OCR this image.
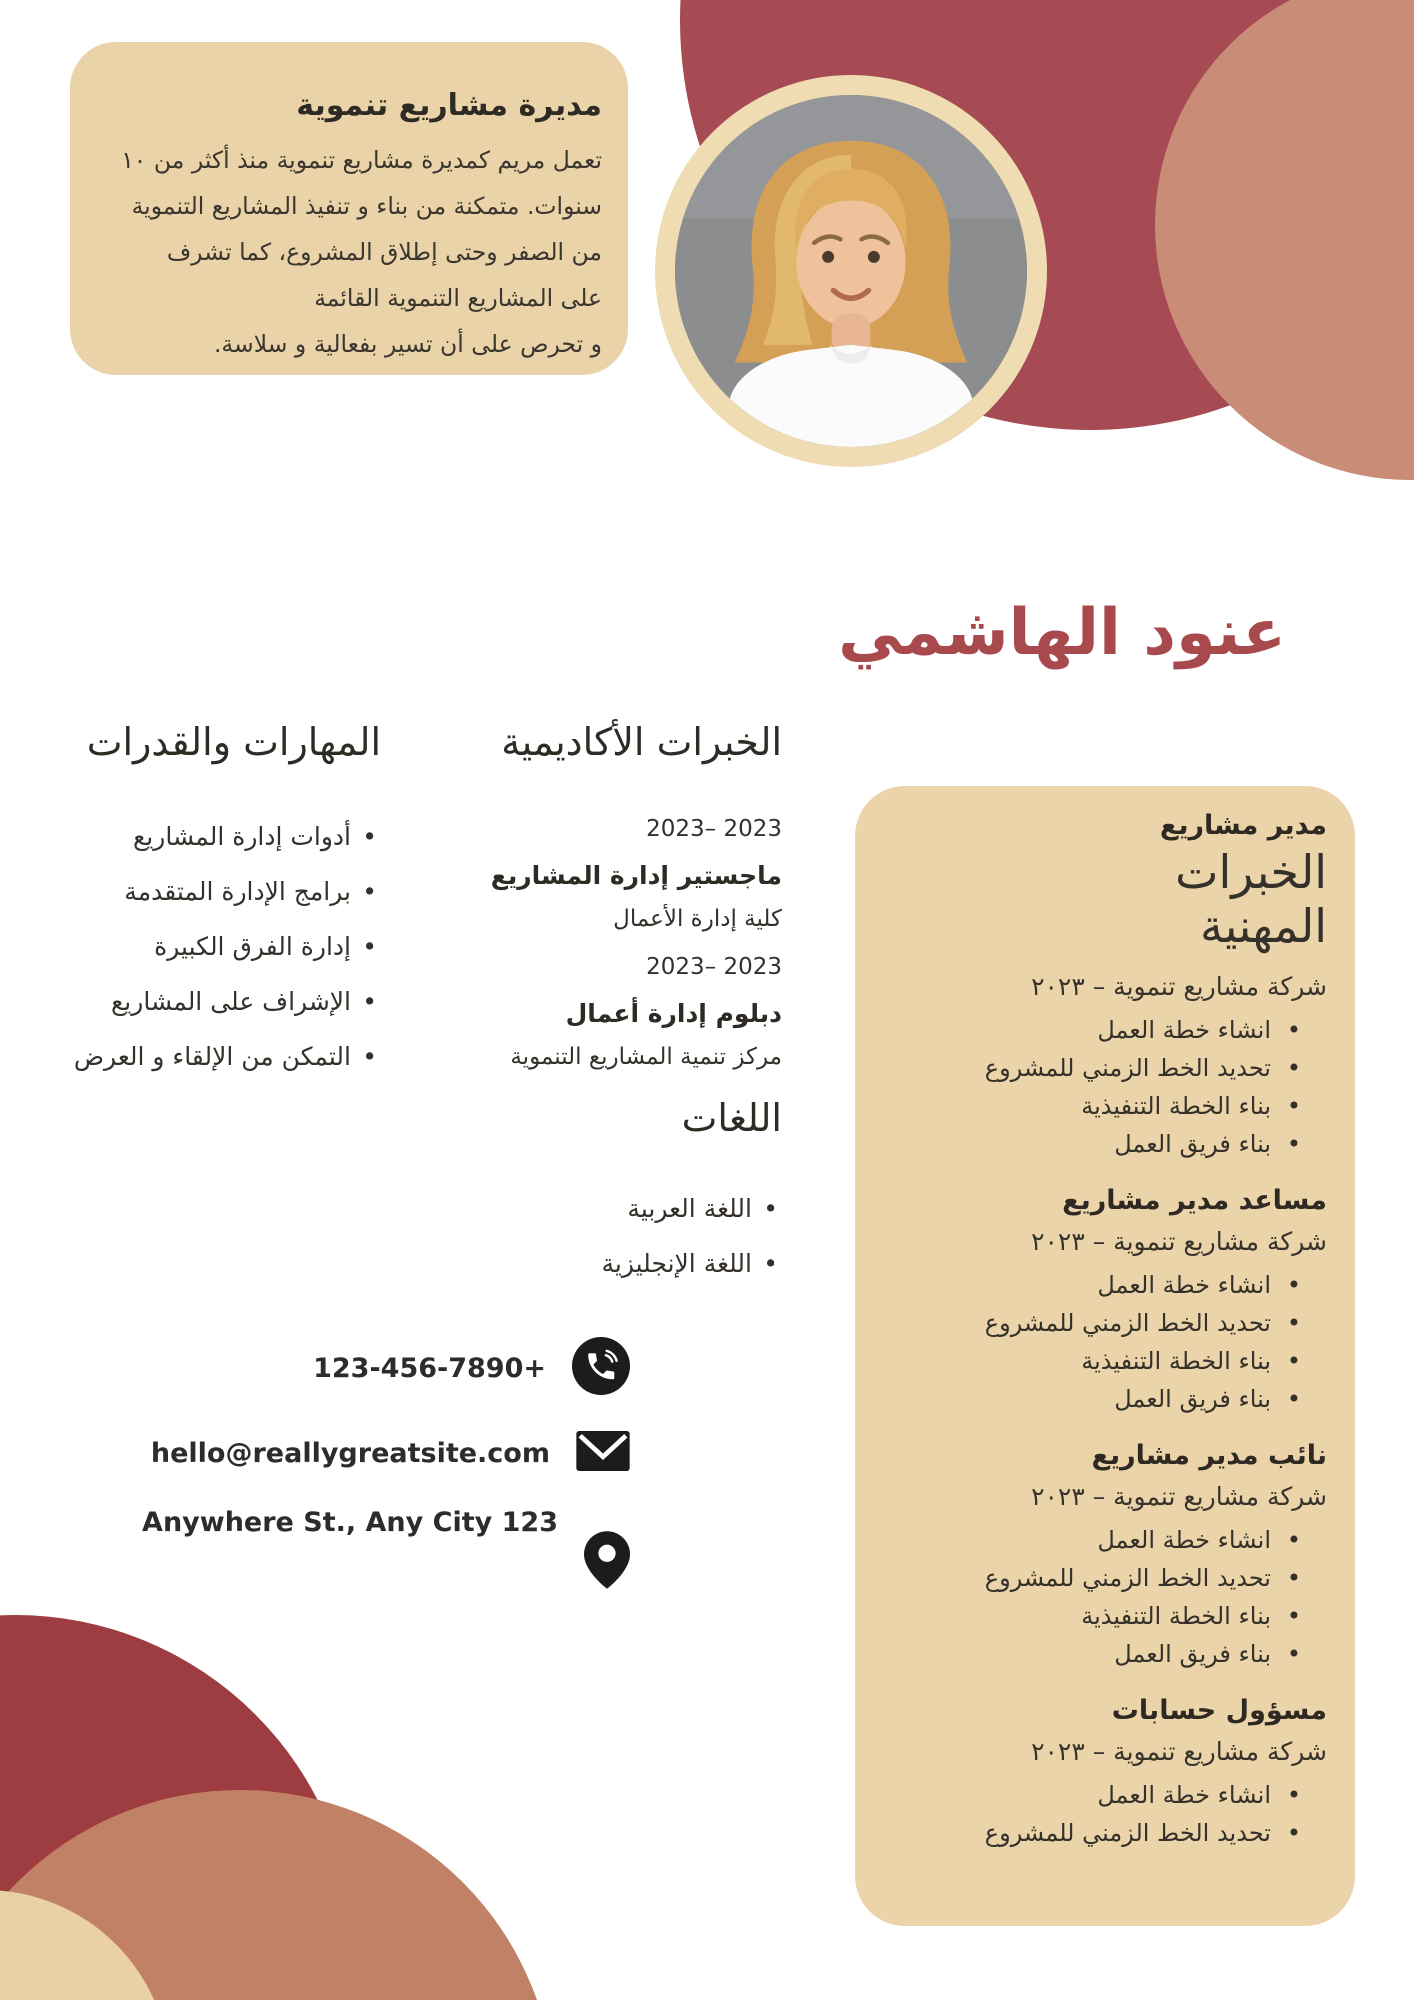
مديرة مشاريع تنموية
تعمل مريم كمديرة مشاريع تنموية منذ أكثر من ١٠
سنوات. متمكنة من بناء و تنفيذ المشاريع التنموية
من الصفر وحتى إطلاق المشروع، كما تشرف
على المشاريع التنموية القائمة
و تحرص على أن تسير بفعالية و سلاسة.
عنود الهاشمي
المهارات والقدرات
• أدوات إدارة المشاريع
• برامج الإدارة المتقدمة
• إدارة الفرق الكبيرة
• الإشراف على المشاريع
• التمكن من الإلقاء و العرض
الخبرات الأكاديمية
2023– 2023
ماجستير إدارة المشاريع
كلية إدارة الأعمال
2023– 2023
دبلوم إدارة أعمال
مركز تنمية المشاريع التنموية
اللغات
• اللغة العربية
• اللغة الإنجليزية
123-456-7890+
hello@reallygreatsite.com
Anywhere St., Any City 123
مدير مشاريع
الخبرات
المهنية
شركة مشاريع تنموية – ٢٠٢٣
• انشاء خطة العمل
• تحديد الخط الزمني للمشروع
• بناء الخطة التنفيذية
• بناء فريق العمل
مساعد مدير مشاريع
شركة مشاريع تنموية – ٢٠٢٣
• انشاء خطة العمل
• تحديد الخط الزمني للمشروع
• بناء الخطة التنفيذية
• بناء فريق العمل
نائب مدير مشاريع
شركة مشاريع تنموية – ٢٠٢٣
• انشاء خطة العمل
• تحديد الخط الزمني للمشروع
• بناء الخطة التنفيذية
• بناء فريق العمل
مسؤول حسابات
شركة مشاريع تنموية – ٢٠٢٣
• انشاء خطة العمل
• تحديد الخط الزمني للمشروع
